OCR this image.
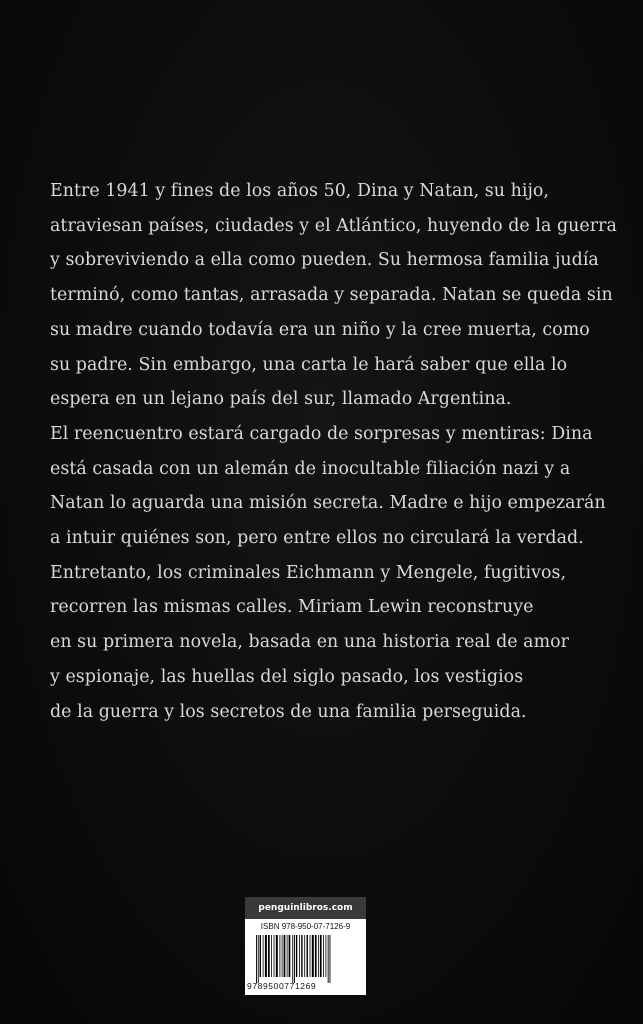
Entre 1941 y fines de los años 50, Dina y Natan, su hijo,
atraviesan países, ciudades y el Atlántico, huyendo de la guerra
y sobreviviendo a ella como pueden. Su hermosa familia judía
terminó, como tantas, arrasada y separada. Natan se queda sin
su madre cuando todavía era un niño y la cree muerta, como
su padre. Sin embargo, una carta le hará saber que ella lo
espera en un lejano país del sur, llamado Argentina.
El reencuentro estará cargado de sorpresas y mentiras: Dina
está casada con un alemán de inocultable filiación nazi y a
Natan lo aguarda una misión secreta. Madre e hijo empezarán
a intuir quiénes son, pero entre ellos no circulará la verdad.
Entretanto, los criminales Eichmann y Mengele, fugitivos,
recorren las mismas calles. Miriam Lewin reconstruye
en su primera novela, basada en una historia real de amor
y espionaje, las huellas del siglo pasado, los vestigios
de la guerra y los secretos de una familia perseguida.
penguinlibros.com
ISBN 978-950-07-7126-9
9789500771269
